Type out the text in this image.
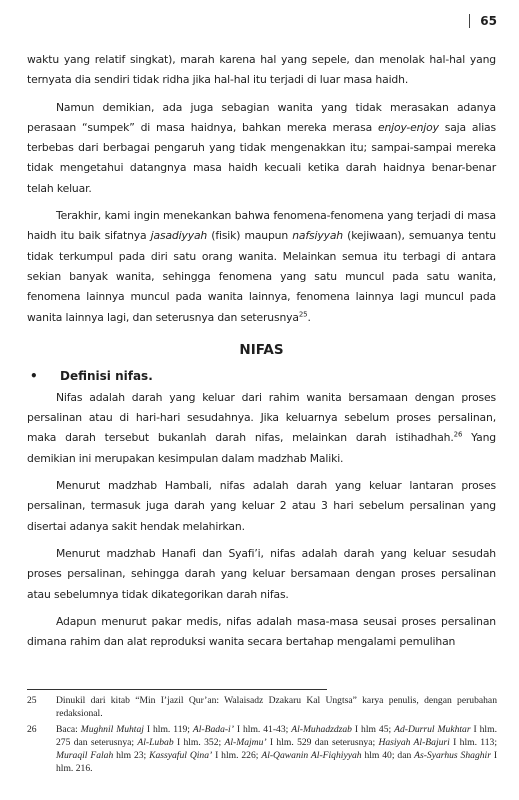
65

waktu yang relatif singkat), marah karena hal yang sepele, dan menolak hal-hal yang ternyata dia sendiri tidak ridha jika hal-hal itu terjadi di luar masa haidh.

Namun demikian, ada juga sebagian wanita yang tidak merasakan adanya perasaan “sumpek” di masa haidnya, bahkan mereka merasa enjoy-enjoy saja alias terbebas dari berbagai pengaruh yang tidak mengenakkan itu; sampai-sampai mereka tidak mengetahui datangnya masa haidh kecuali ketika darah haidnya benar-benar telah keluar.

Terakhir, kami ingin menekankan bahwa fenomena-fenomena yang terjadi di masa haidh itu baik sifatnya jasadiyyah (fisik) maupun nafsiyyah (kejiwaan), semuanya tentu tidak terkumpul pada diri satu orang wanita. Melainkan semua itu terbagi di antara sekian banyak wanita, sehingga fenomena yang satu muncul pada satu wanita, fenomena lainnya muncul pada wanita lainnya, fenomena lainnya lagi muncul pada wanita lainnya lagi, dan seterusnya dan seterusnya$^{25}$.

NIFAS
• Definisi nifas.

Nifas adalah darah yang keluar dari rahim wanita bersamaan dengan proses persalinan atau di hari-hari sesudahnya. Jika keluarnya sebelum proses persalinan, maka darah tersebut bukanlah darah nifas, melainkan darah istihadhah.$^{26}$ Yang demikian ini merupakan kesimpulan dalam madzhab Maliki.

Menurut madzhab Hambali, nifas adalah darah yang keluar lantaran proses persalinan, termasuk juga darah yang keluar 2 atau 3 hari sebelum persalinan yang disertai adanya sakit hendak melahirkan.

Menurut madzhab Hanafi dan Syafi’i, nifas adalah darah yang keluar sesudah proses persalinan, sehingga darah yang keluar bersamaan dengan proses persalinan atau sebelumnya tidak dikategorikan darah nifas.

Adapun menurut pakar medis, nifas adalah masa-masa seusai proses persalinan dimana rahim dan alat reproduksi wanita secara bertahap mengalami pemulihan

25	Dinukil dari kitab “Min I’jazil Qur’an: Walaisadz Dzakaru Kal Ungtsa” karya penulis, dengan perubahan redaksional.
26	Baca: Mughnil Muhtaj I hlm. 119; Al-Bada-i’ I hlm. 41-43; Al-Muhadzdzab I hlm 45; Ad-Durrul Mukhtar I hlm. 275 dan seterusnya; Al-Lubab I hlm. 352; Al-Majmu’ I hlm. 529 dan seterusnya; Hasiyah Al-Bajuri I hlm. 113; Muraqil Falah hlm 23; Kassyaful Qina’ I hlm. 226; Al-Qawanin Al-Fiqhiyyah hlm 40; dan As-Syarhus Shaghir I hlm. 216.
